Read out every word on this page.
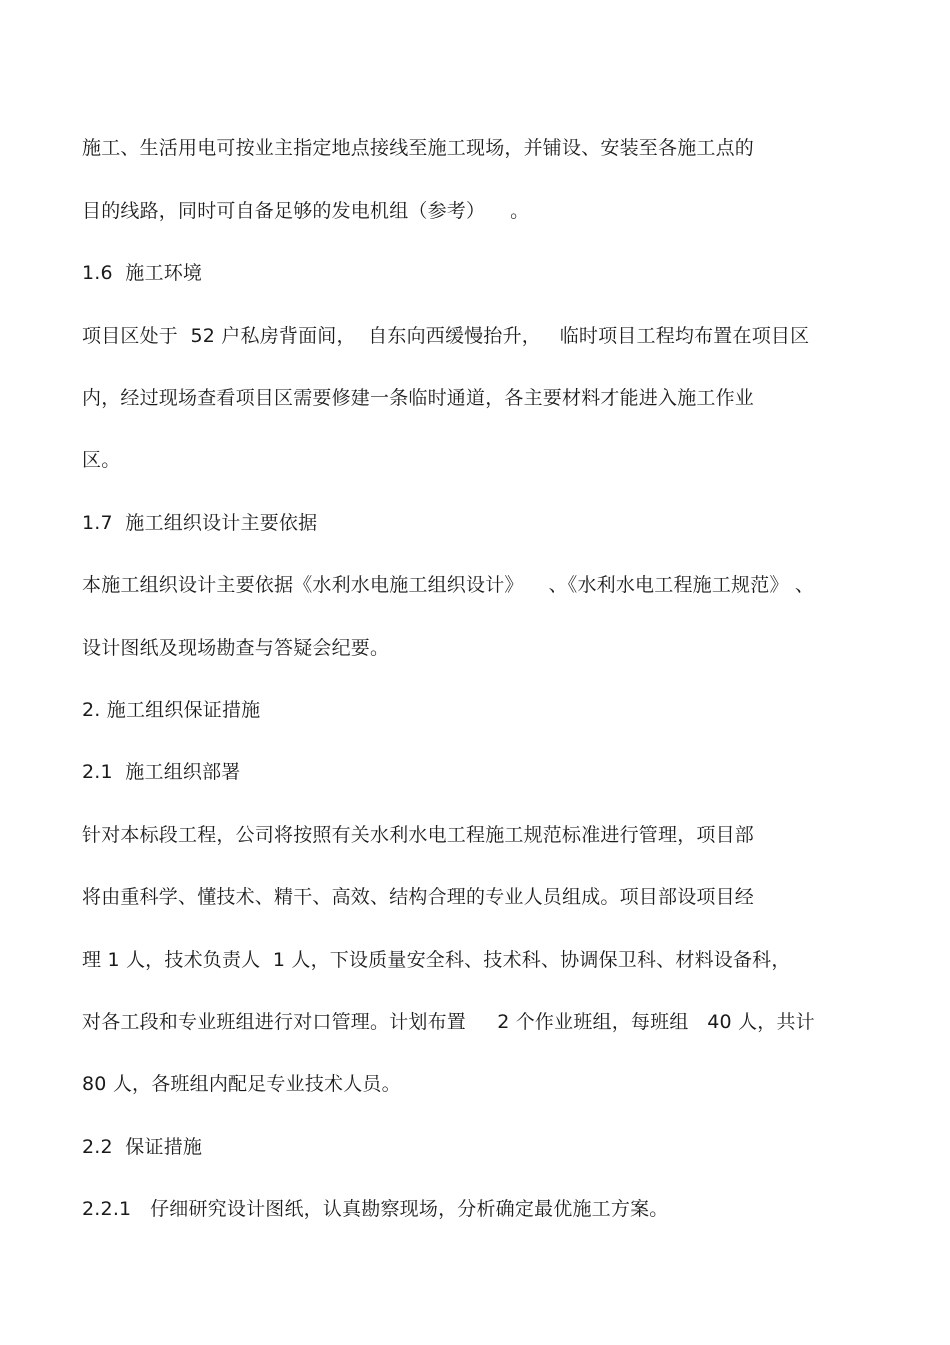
施工、生活用电可按业主指定地点接线至施工现场，并铺设、安装至各施工点的
目的线路，同时可自备足够的发电机组（参考）    。
1.6  施工环境
项目区处于  52 户私房背面间，  自东向西缓慢抬升，   临时项目工程均布置在项目区
内，经过现场查看项目区需要修建一条临时通道，各主要材料才能进入施工作业
区。
1.7  施工组织设计主要依据
本施工组织设计主要依据《水利水电施工组织设计》    、《水利水电工程施工规范》 、
设计图纸及现场勘查与答疑会纪要。
2. 施工组织保证措施
2.1  施工组织部署
针对本标段工程，公司将按照有关水利水电工程施工规范标准进行管理，项目部
将由重科学、懂技术、精干、高效、结构合理的专业人员组成。项目部设项目经
理 1 人，技术负责人  1 人，下设质量安全科、技术科、协调保卫科、材料设备科，
对各工段和专业班组进行对口管理。计划布置     2 个作业班组，每班组   40 人，共计
80 人，各班组内配足专业技术人员。
2.2  保证措施
2.2.1   仔细研究设计图纸，认真勘察现场，分析确定最优施工方案。
